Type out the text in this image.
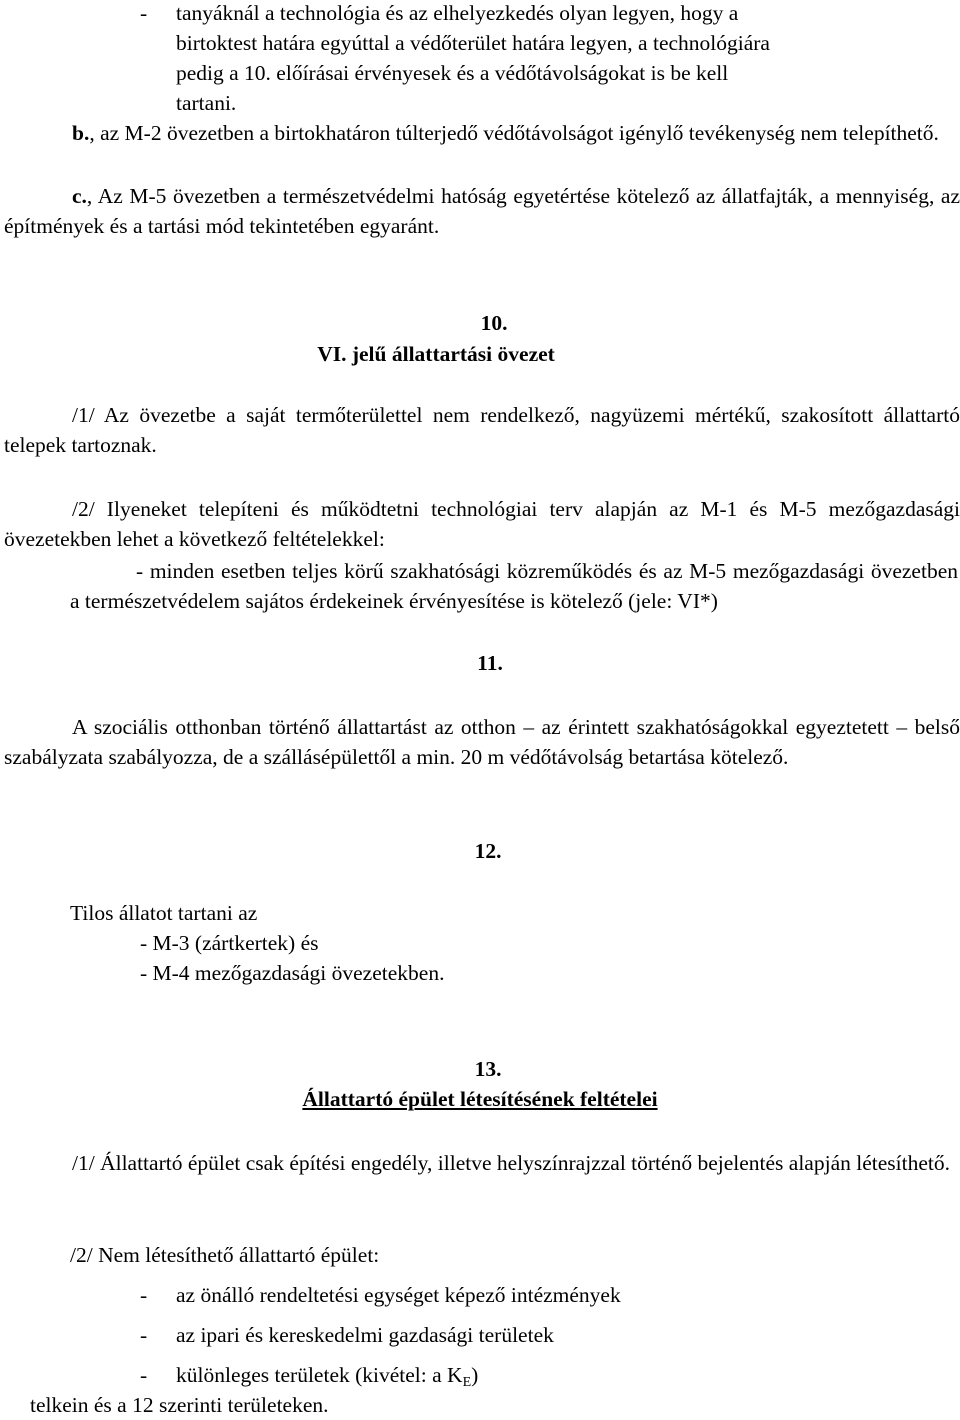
- tanyáknál a technológia és az elhelyezkedés olyan legyen, hogy a
birtoktest határa egyúttal a védőterület határa legyen, a technológiára
pedig a 10. előírásai érvényesek és a védőtávolságokat is be kell
tartani.

b., az M-2 övezetben a birtokhatáron túlterjedő védőtávolságot igénylő tevékenység nem telepíthető.

c., Az M-5 övezetben a természetvédelmi hatóság egyetértése kötelező az állatfajták, a mennyiség, az építmények és a tartási mód tekintetében egyaránt.

10.
VI. jelű állattartási övezet

/1/ Az övezetbe a saját termőterülettel nem rendelkező, nagyüzemi mértékű, szakosított állattartó telepek tartoznak.

/2/ Ilyeneket telepíteni és működtetni technológiai terv alapján az M-1 és M-5 mezőgazdasági övezetekben lehet a következő feltételekkel:

- minden esetben teljes körű szakhatósági közreműködés és az M-5 mezőgazdasági övezetben a természetvédelem sajátos érdekeinek érvényesítése is kötelező (jele: VI*)

11.

A szociális otthonban történő állattartást az otthon – az érintett szakhatóságokkal egyeztetett – belső szabályzata szabályozza, de a szállásépülettől a min. 20 m védőtávolság betartása kötelező.

12.
Tilos állatot tartani az
- M-3 (zártkertek) és
- M-4 mezőgazdasági övezetekben.
13.
Állattartó épület létesítésének feltételei

/1/ Állattartó épület csak építési engedély, illetve helyszínrajzzal történő bejelentés alapján létesíthető.

/2/ Nem létesíthető állattartó épület:

- az önálló rendeltetési egységet képező intézmények
- az ipari és kereskedelmi gazdasági területek
- különleges területek (kivétel: a $K_E$)
telkein és a 12 szerinti területeken.
